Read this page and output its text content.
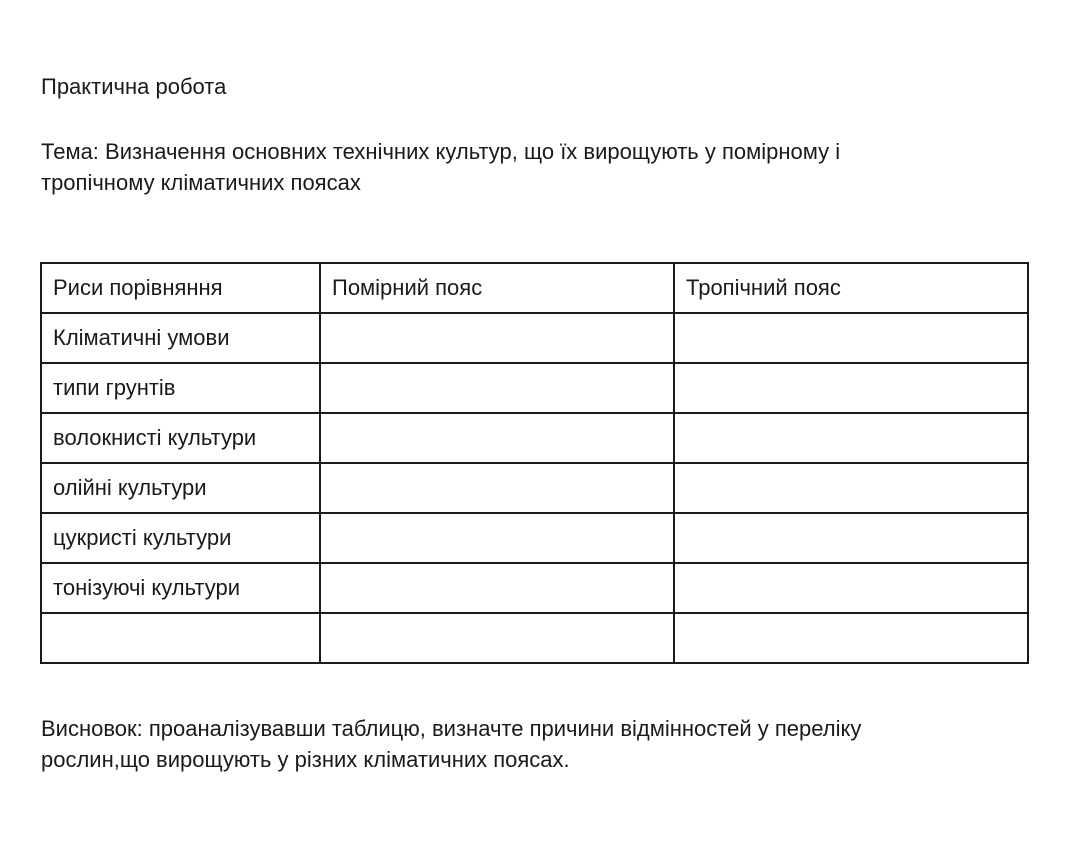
Практична робота
Тема: Визначення основних технічних культур, що їх вирощують у помірному і
тропічному кліматичних поясах
Риси порівняння	Помірний пояс	Тропічний пояс
Кліматичні умови		
типи грунтів		
волокнисті культури		
олійні культури		
цукристі культури		
тонізуючі культури		

Висновок: проаналізувавши таблицю, визначте причини відмінностей у переліку
рослин,що вирощують у різних кліматичних поясах.
